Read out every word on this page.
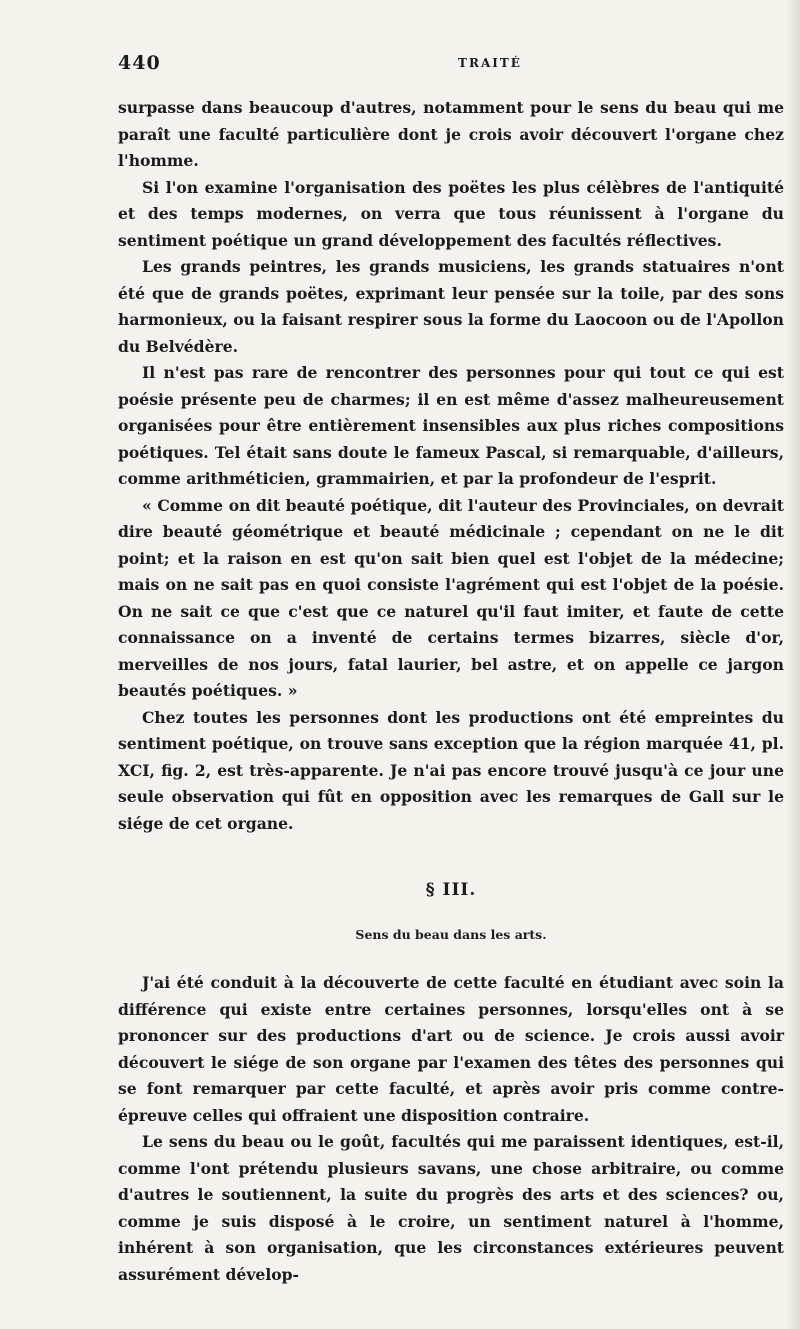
440	TRAITÉ

surpasse dans beaucoup d'autres, notamment pour le sens du beau qui me paraît une faculté particulière dont je crois avoir découvert l'organe chez l'homme.

Si l'on examine l'organisation des poëtes les plus célèbres de l'antiquité et des temps modernes, on verra que tous réunissent à l'organe du sentiment poétique un grand développement des facultés réflectives.

Les grands peintres, les grands musiciens, les grands statuaires n'ont été que de grands poëtes, exprimant leur pensée sur la toile, par des sons harmonieux, ou la faisant respirer sous la forme du Laocoon ou de l'Apollon du Belvédère.

Il n'est pas rare de rencontrer des personnes pour qui tout ce qui est poésie présente peu de charmes; il en est même d'assez malheureusement organisées pour être entièrement insensibles aux plus riches compositions poétiques. Tel était sans doute le fameux Pascal, si remarquable, d'ailleurs, comme arithméticien, grammairien, et par la profondeur de l'esprit.

« Comme on dit beauté poétique, dit l'auteur des Provinciales, on devrait dire beauté géométrique et beauté médicinale ; cependant on ne le dit point; et la raison en est qu'on sait bien quel est l'objet de la médecine; mais on ne sait pas en quoi consiste l'agrément qui est l'objet de la poésie. On ne sait ce que c'est que ce naturel qu'il faut imiter, et faute de cette connaissance on a inventé de certains termes bizarres, siècle d'or, merveilles de nos jours, fatal laurier, bel astre, et on appelle ce jargon beautés poétiques. »

Chez toutes les personnes dont les productions ont été empreintes du sentiment poétique, on trouve sans exception que la région marquée 41, pl. XCI, fig. 2, est très-apparente. Je n'ai pas encore trouvé jusqu'à ce jour une seule observation qui fût en opposition avec les remarques de Gall sur le siége de cet organe.

§ III.
Sens du beau dans les arts.

J'ai été conduit à la découverte de cette faculté en étudiant avec soin la différence qui existe entre certaines personnes, lorsqu'elles ont à se prononcer sur des productions d'art ou de science. Je crois aussi avoir découvert le siége de son organe par l'examen des têtes des personnes qui se font remarquer par cette faculté, et après avoir pris comme contre-épreuve celles qui offraient une disposition contraire.

Le sens du beau ou le goût, facultés qui me paraissent identiques, est-il, comme l'ont prétendu plusieurs savans, une chose arbitraire, ou comme d'autres le soutiennent, la suite du progrès des arts et des sciences? ou, comme je suis disposé à le croire, un sentiment naturel à l'homme, inhérent à son organisation, que les circonstances extérieures peuvent assurément dévelop-
